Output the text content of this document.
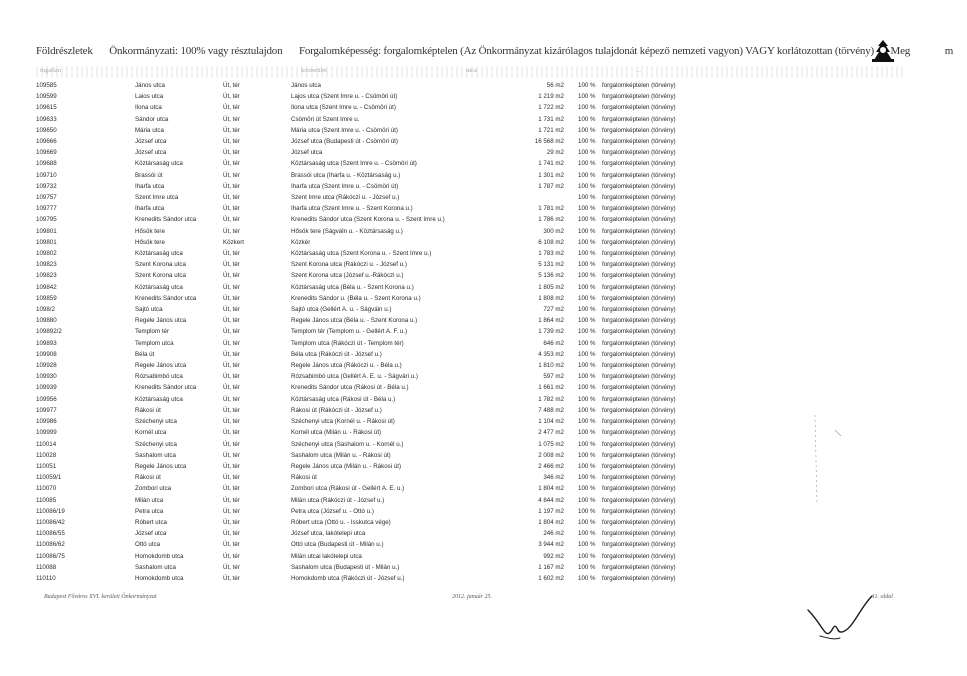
Földrészletek Önkormányzati: 100% vagy résztulajdon Forgalomképesség: forgalomképtelen (Az Önkormányzat kizárólagos tulajdonát képező nemzeti vagyon) VAGY korlátozottan (törvény) Meg	m
ingatlan	közterület	utca	...
109585	János utca	Út, tér	János utca	56 m2	100 %	forgalomképtelen (törvény)
109599	Laios utca	Út, tér	Lajos utca (Szent Imre u. - Csömöri út)	1 219 m2	100 %	forgalomképtelen (törvény)
109615	Ilona utca	Út, tér	Ilona utca (Szent Imre u. - Csömöri út)	1 722 m2	100 %	forgalomképtelen (törvény)
109633	Sándor utca	Út, tér	Csömöri út Szent Imre u.	1 731 m2	100 %	forgalomképtelen (törvény)
109650	Mária utca	Út, tér	Mária utca (Szent Imre u. - Csömöri út)	1 721 m2	100 %	forgalomképtelen (törvény)
109666	József utca	Út, tér	József utca (Budapesti út - Csömöri út)	16 568 m2	100 %	forgalomképtelen (törvény)
109669	József utca	Út, tér	József utca	29 m2	100 %	forgalomképtelen (törvény)
109688	Köztársaság utca	Út, tér	Köztársaság utca (Szent Imre u. - Csömöri út)	1 741 m2	100 %	forgalomképtelen (törvény)
109710	Brassói út	Út, tér	Brassói utca (Iharfa u. - Köztársaság u.)	1 301 m2	100 %	forgalomképtelen (törvény)
109732	Iharfa utca	Út, tér	Iharfa utca (Szent Imre u. - Csömöri út)	1 787 m2	100 %	forgalomképtelen (törvény)
109757	Szent Imre utca	Út, tér	Szent Imre utca (Rákóczi u. - József u.)		100 %	forgalomképtelen (törvény)
109777	Iharfa utca	Út, tér	Iharfa utca (Szent Imre u. - Szent Korona u.)	1 781 m2	100 %	forgalomképtelen (törvény)
109795	Krenedits Sándor utca	Út, tér	Krenedits Sándor utca (Szent Korona u. - Szent Imre u.)	1 786 m2	100 %	forgalomképtelen (törvény)
109801	Hősök tere	Út, tér	Hősök tere (Ságváln u. - Köztársaság u.)	300 m2	100 %	forgalomképtelen (törvény)
109801	Hősök tere	Közkert	Közkér	6 108 m2	100 %	forgalomképtelen (törvény)
109802	Köztársaság utca	Út, tér	Köztársaság utca (Szent Korona u. - Szent Imre u.)	1 783 m2	100 %	forgalomképtelen (törvény)
109823	Szent Korona utca	Út, tér	Szent Korona utca (Rákóczi u. - József u.)	5 131 m2	100 %	forgalomképtelen (törvény)
109823	Szent Korona utca	Út, tér	Szent Korona utca (József u.-Rákóczi u.)	5 136 m2	100 %	forgalomképtelen (törvény)
109842	Köztársaság utca	Út, tér	Köztársaság utca (Béla u. - Szent Korona u.)	1 805 m2	100 %	forgalomképtelen (törvény)
109859	Krenedits Sándor utca	Út, tér	Krenedits Sándor u. (Béla u. - Szent Korona u.)	1 808 m2	100 %	forgalomképtelen (törvény)
1098/2	Sajtó utca	Út, tér	Sajtó utca (Gellért A. u. - Ságváin u.)	727 m2	100 %	forgalomképtelen (törvény)
109880	Regele János utca	Út, tér	Regele János utca (Béla u. - Szent Korona u.)	1 864 m2	100 %	forgalomképtelen (törvény)
109892/2	Templom tér	Út, tér	Templom tér (Templom u. - Gellért A. F. u.)	1 739 m2	100 %	forgalomképtelen (törvény)
109893	Templom utca	Út, tér	Templom utca (Rákóczi út - Templom tér)	646 m2	100 %	forgalomképtelen (törvény)
109908	Béla út	Út, tér	Béla utca (Rákóczi út - József u.)	4 353 m2	100 %	forgalomképtelen (törvény)
109928	Regele János utca	Út, tér	Regele János utca (Rákóczi u. - Béla u.)	1 810 m2	100 %	forgalomképtelen (törvény)
109930	Rózsabimbó utca	Út, tér	Rózsabimbó utca (Gellért A. E. u. - Ságvári u.)	597 m2	100 %	forgalomképtelen (törvény)
109939	Krenedits Sándor utca	Út, tér	Krenedits Sándor utca (Rákosi út - Béla u.)	1 661 m2	100 %	forgalomképtelen (törvény)
109956	Köztársaság utca	Út, tér	Köztársaság utca (Rákosi út - Béla u.)	1 782 m2	100 %	forgalomképtelen (törvény)
109977	Rákosi út	Út, tér	Rákosi út (Rákóczi út - József u.)	7 488 m2	100 %	forgalomképtelen (törvény)
109986	Széchenyi utca	Út, tér	Széchenyi utca (Kornél u. - Rákosi út)	1 104 m2	100 %	forgalomképtelen (törvény)
109999	Kornél utca	Út, tér	Kornél utca (Milán u. - Rákosi út)	2 477 m2	100 %	forgalomképtelen (törvény)
110014	Széchenyi utca	Út, tér	Széchenyi utca (Sashalom u. - Kornél u.)	1 075 m2	100 %	forgalomképtelen (törvény)
110028	Sashalom utca	Út, tér	Sashalom utca (Milán u. - Rákosi út)	2 008 m2	100 %	forgalomképtelen (törvény)
110051	Regele János utca	Út, tér	Regele János utca (Milán u. - Rákosi út)	2 466 m2	100 %	forgalomképtelen (törvény)
110059/1	Rákosi út	Út, tér	Rákosi út	346 m2	100 %	forgalomképtelen (törvény)
110070	Zombori utca	Út, tér	Zombori utca (Rákosi út - Gellért A. E. u.)	1 804 m2	100 %	forgalomképtelen (törvény)
110085	Milán utca	Út, tér	Milán utca (Rákóczi út - József u.)	4 844 m2	100 %	forgalomképtelen (törvény)
110086/19	Petra utca	Út, tér	Petra utca (József u. - Ottó u.)	1 197 m2	100 %	forgalomképtelen (törvény)
110086/42	Róbert utca	Út, tér	Róbert utca (Ottó u. - Isskutca vége)	1 804 m2	100 %	forgalomképtelen (törvény)
110086/55	József utca	Út, tér	József utca, lakótelepi utca	246 m2	100 %	forgalomképtelen (törvény)
110086/62	Ottó utca	Út, tér	Ottó utca (Budapesti út - Milán u.)	3 944 m2	100 %	forgalomképtelen (törvény)
110086/75	Homokdomb utca	Út, tér	Milán utcai lakótelepi utca	992 m2	100 %	forgalomképtelen (törvény)
110088	Sashalom utca	Út, tér	Sashalom utca (Budapesti út - Milán u.)	1 167 m2	100 %	forgalomképtelen (törvény)
110110	Homokdomb utca	Út, tér	Homokdomb utca (Rákóczi út - József u.)	1 602 m2	100 %	forgalomképtelen (törvény)
Budapest Főváros XVI. kerületi Önkormányzat	2012. január 25.	11. oldal
